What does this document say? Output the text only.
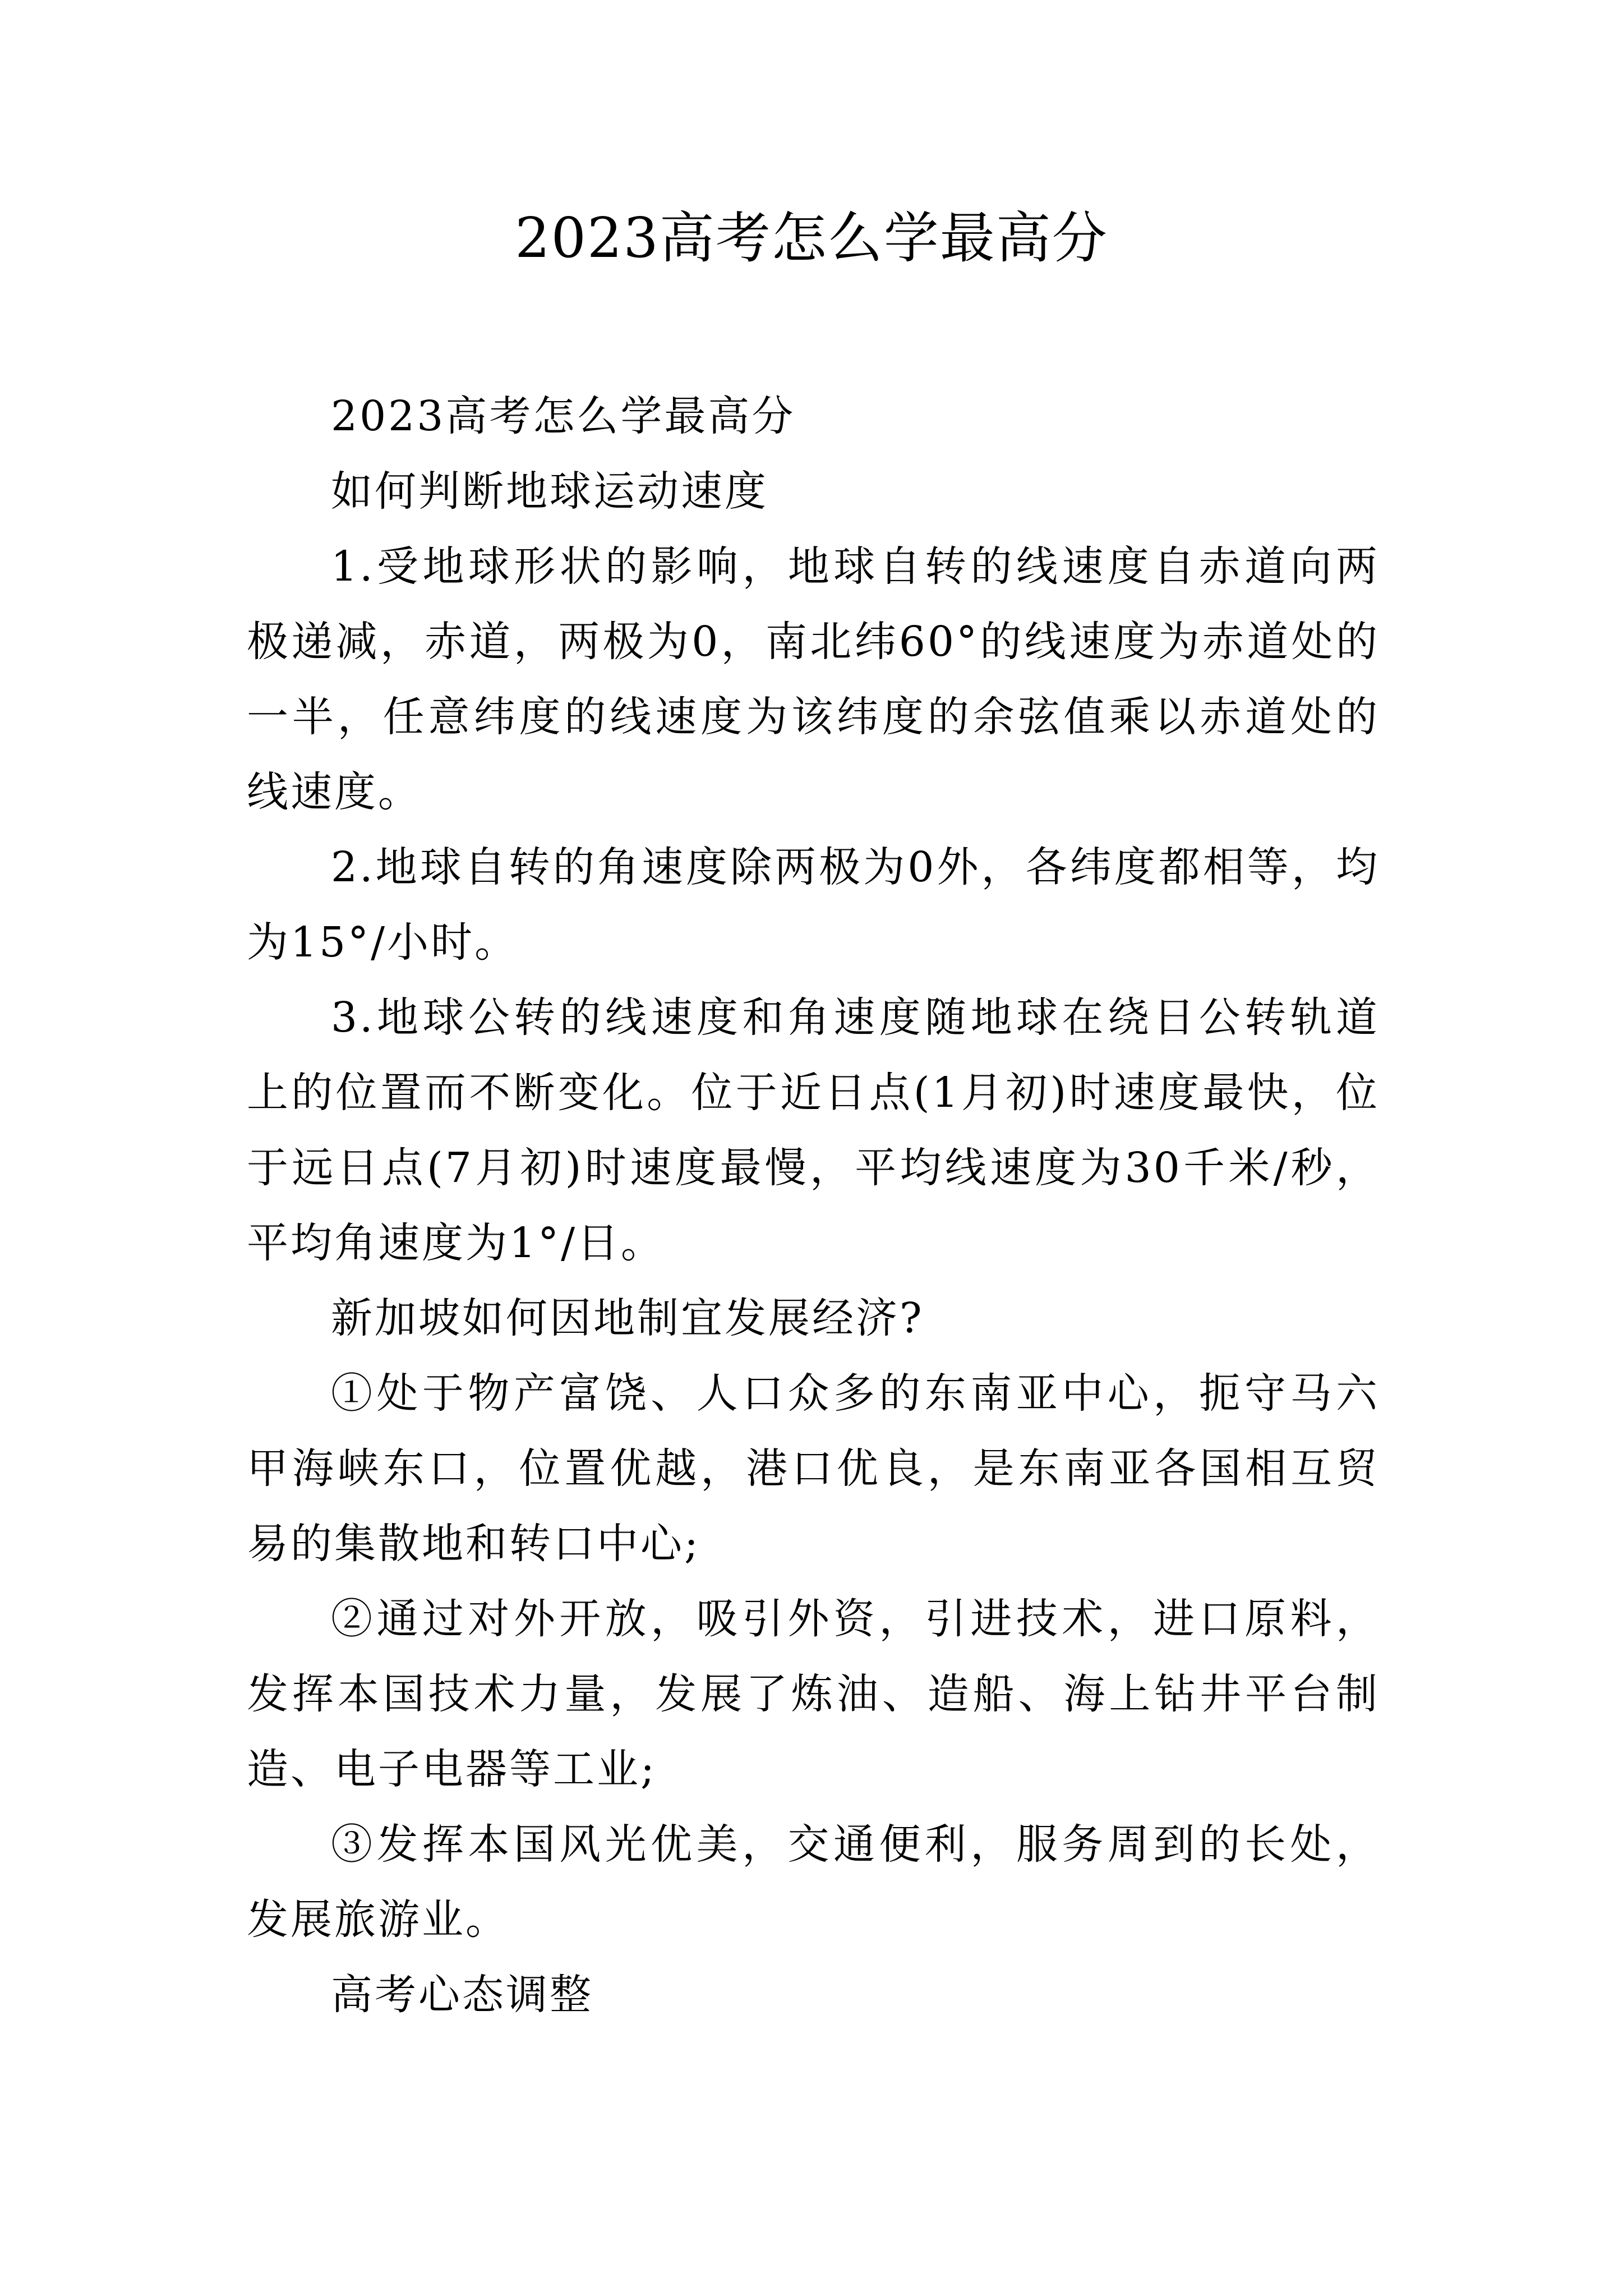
2023高考怎么学最高分

2023高考怎么学最高分

如何判断地球运动速度

1.受地球形状的影响，地球自转的线速度自赤道向两极递减，赤道，两极为0，南北纬60°的线速度为赤道处的一半，任意纬度的线速度为该纬度的余弦值乘以赤道处的线速度。

2.地球自转的角速度除两极为0外，各纬度都相等，均为15°/小时。

3.地球公转的线速度和角速度随地球在绕日公转轨道上的位置而不断变化。位于近日点(1月初)时速度最快，位于远日点(7月初)时速度最慢，平均线速度为30千米/秒，平均角速度为1°/日。

新加坡如何因地制宜发展经济?

①处于物产富饶、人口众多的东南亚中心，扼守马六甲海峡东口，位置优越，港口优良，是东南亚各国相互贸易的集散地和转口中心;

②通过对外开放，吸引外资，引进技术，进口原料，发挥本国技术力量，发展了炼油、造船、海上钻井平台制造、电子电器等工业;

③发挥本国风光优美，交通便利，服务周到的长处，发展旅游业。

高考心态调整
